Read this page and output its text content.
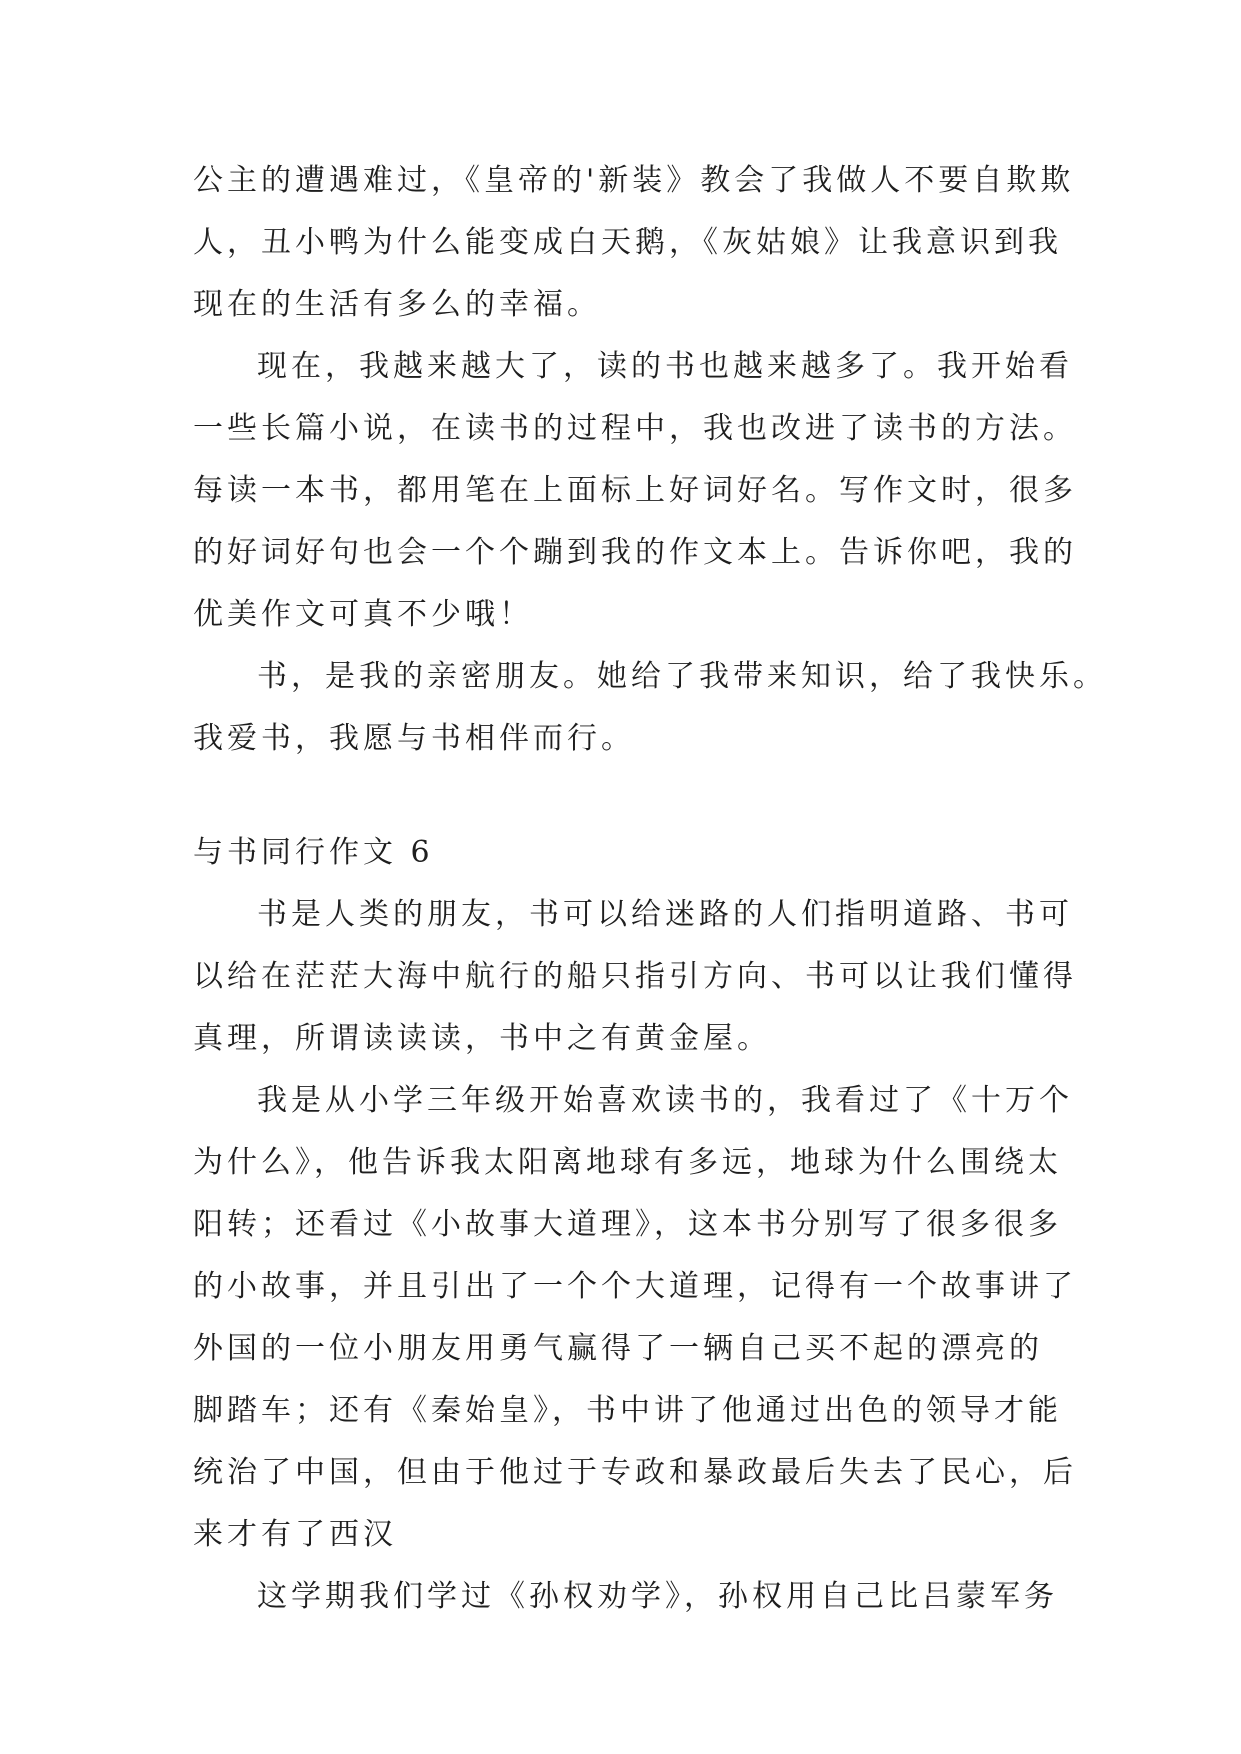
公主的遭遇难过，《皇帝的'新装》教会了我做人不要自欺欺
人，丑小鸭为什么能变成白天鹅，《灰姑娘》让我意识到我
现在的生活有多么的幸福。
现在，我越来越大了，读的书也越来越多了。我开始看
一些长篇小说，在读书的过程中，我也改进了读书的方法。
每读一本书，都用笔在上面标上好词好名。写作文时，很多
的好词好句也会一个个蹦到我的作文本上。告诉你吧，我的
优美作文可真不少哦！
书，是我的亲密朋友。她给了我带来知识，给了我快乐。
我爱书，我愿与书相伴而行。
与书同行作文 6
书是人类的朋友，书可以给迷路的人们指明道路、书可
以给在茫茫大海中航行的船只指引方向、书可以让我们懂得
真理，所谓读读读，书中之有黄金屋。
我是从小学三年级开始喜欢读书的，我看过了《十万个
为什么》，他告诉我太阳离地球有多远，地球为什么围绕太
阳转；还看过《小故事大道理》，这本书分别写了很多很多
的小故事，并且引出了一个个大道理，记得有一个故事讲了
外国的一位小朋友用勇气赢得了一辆自己买不起的漂亮的
脚踏车；还有《秦始皇》，书中讲了他通过出色的领导才能
统治了中国，但由于他过于专政和暴政最后失去了民心，后
来才有了西汉
这学期我们学过《孙权劝学》，孙权用自己比吕蒙军务
